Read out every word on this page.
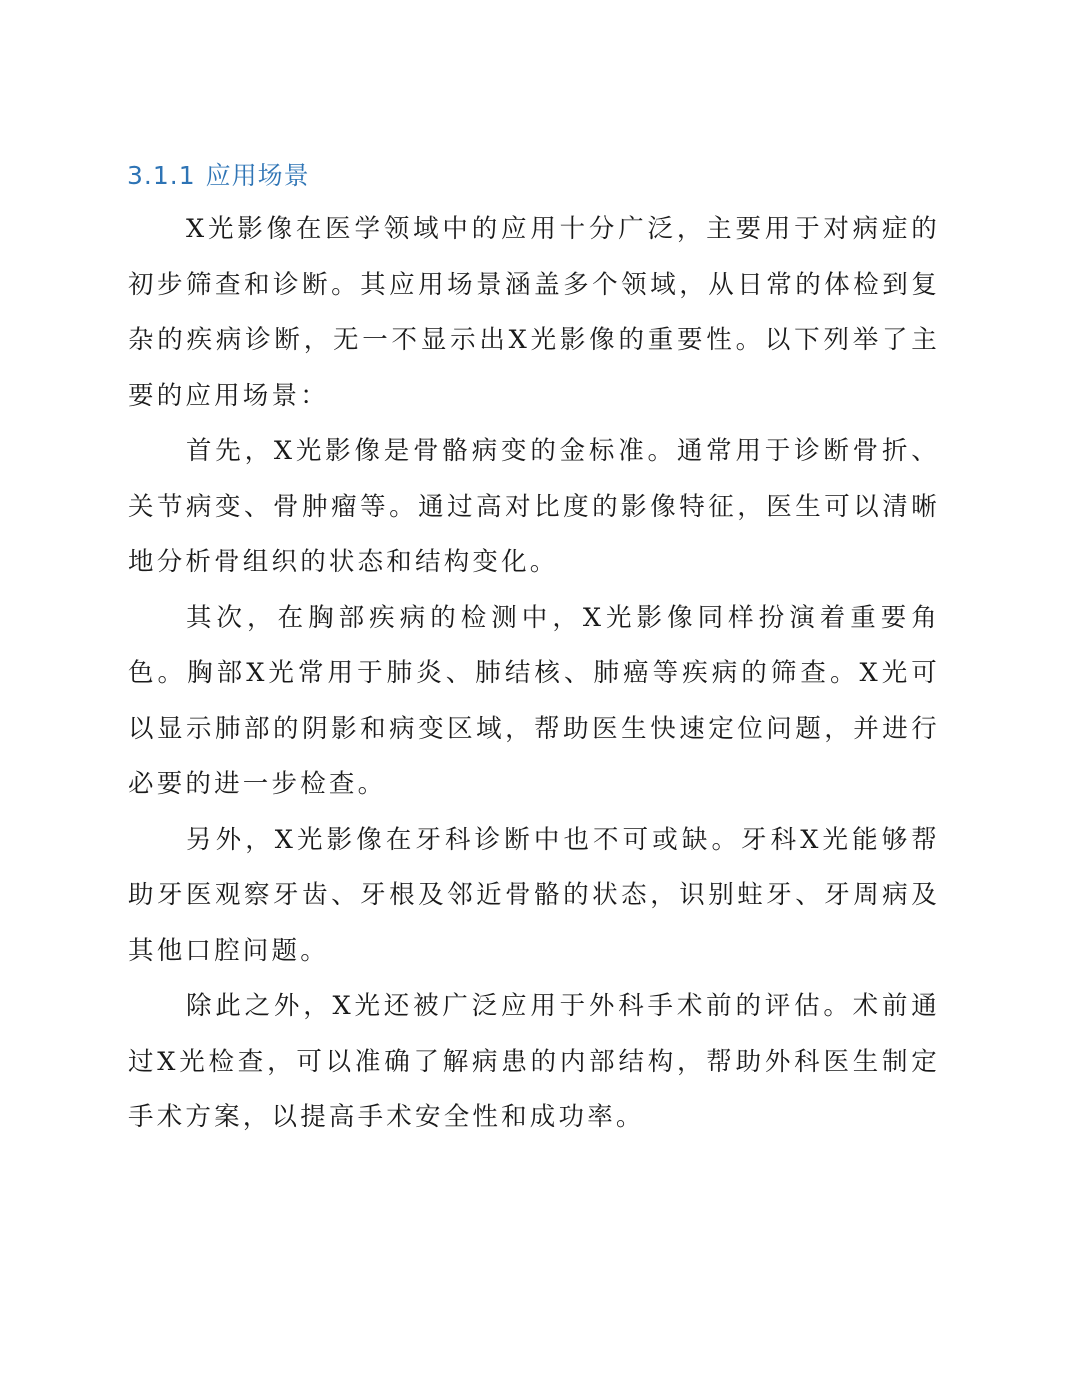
3.1.1 应用场景

X光影像在医学领域中的应用十分广泛，主要用于对病症的初步筛查和诊断。其应用场景涵盖多个领域，从日常的体检到复杂的疾病诊断，无一不显示出X光影像的重要性。以下列举了主要的应用场景：

首先，X光影像是骨骼病变的金标准。通常用于诊断骨折、关节病变、骨肿瘤等。通过高对比度的影像特征，医生可以清晰地分析骨组织的状态和结构变化。

其次，在胸部疾病的检测中，X光影像同样扮演着重要角色。胸部X光常用于肺炎、肺结核、肺癌等疾病的筛查。X光可以显示肺部的阴影和病变区域，帮助医生快速定位问题，并进行必要的进一步检查。

另外，X光影像在牙科诊断中也不可或缺。牙科X光能够帮助牙医观察牙齿、牙根及邻近骨骼的状态，识别蛀牙、牙周病及其他口腔问题。

除此之外，X光还被广泛应用于外科手术前的评估。术前通过X光检查，可以准确了解病患的内部结构，帮助外科医生制定手术方案，以提高手术安全性和成功率。
